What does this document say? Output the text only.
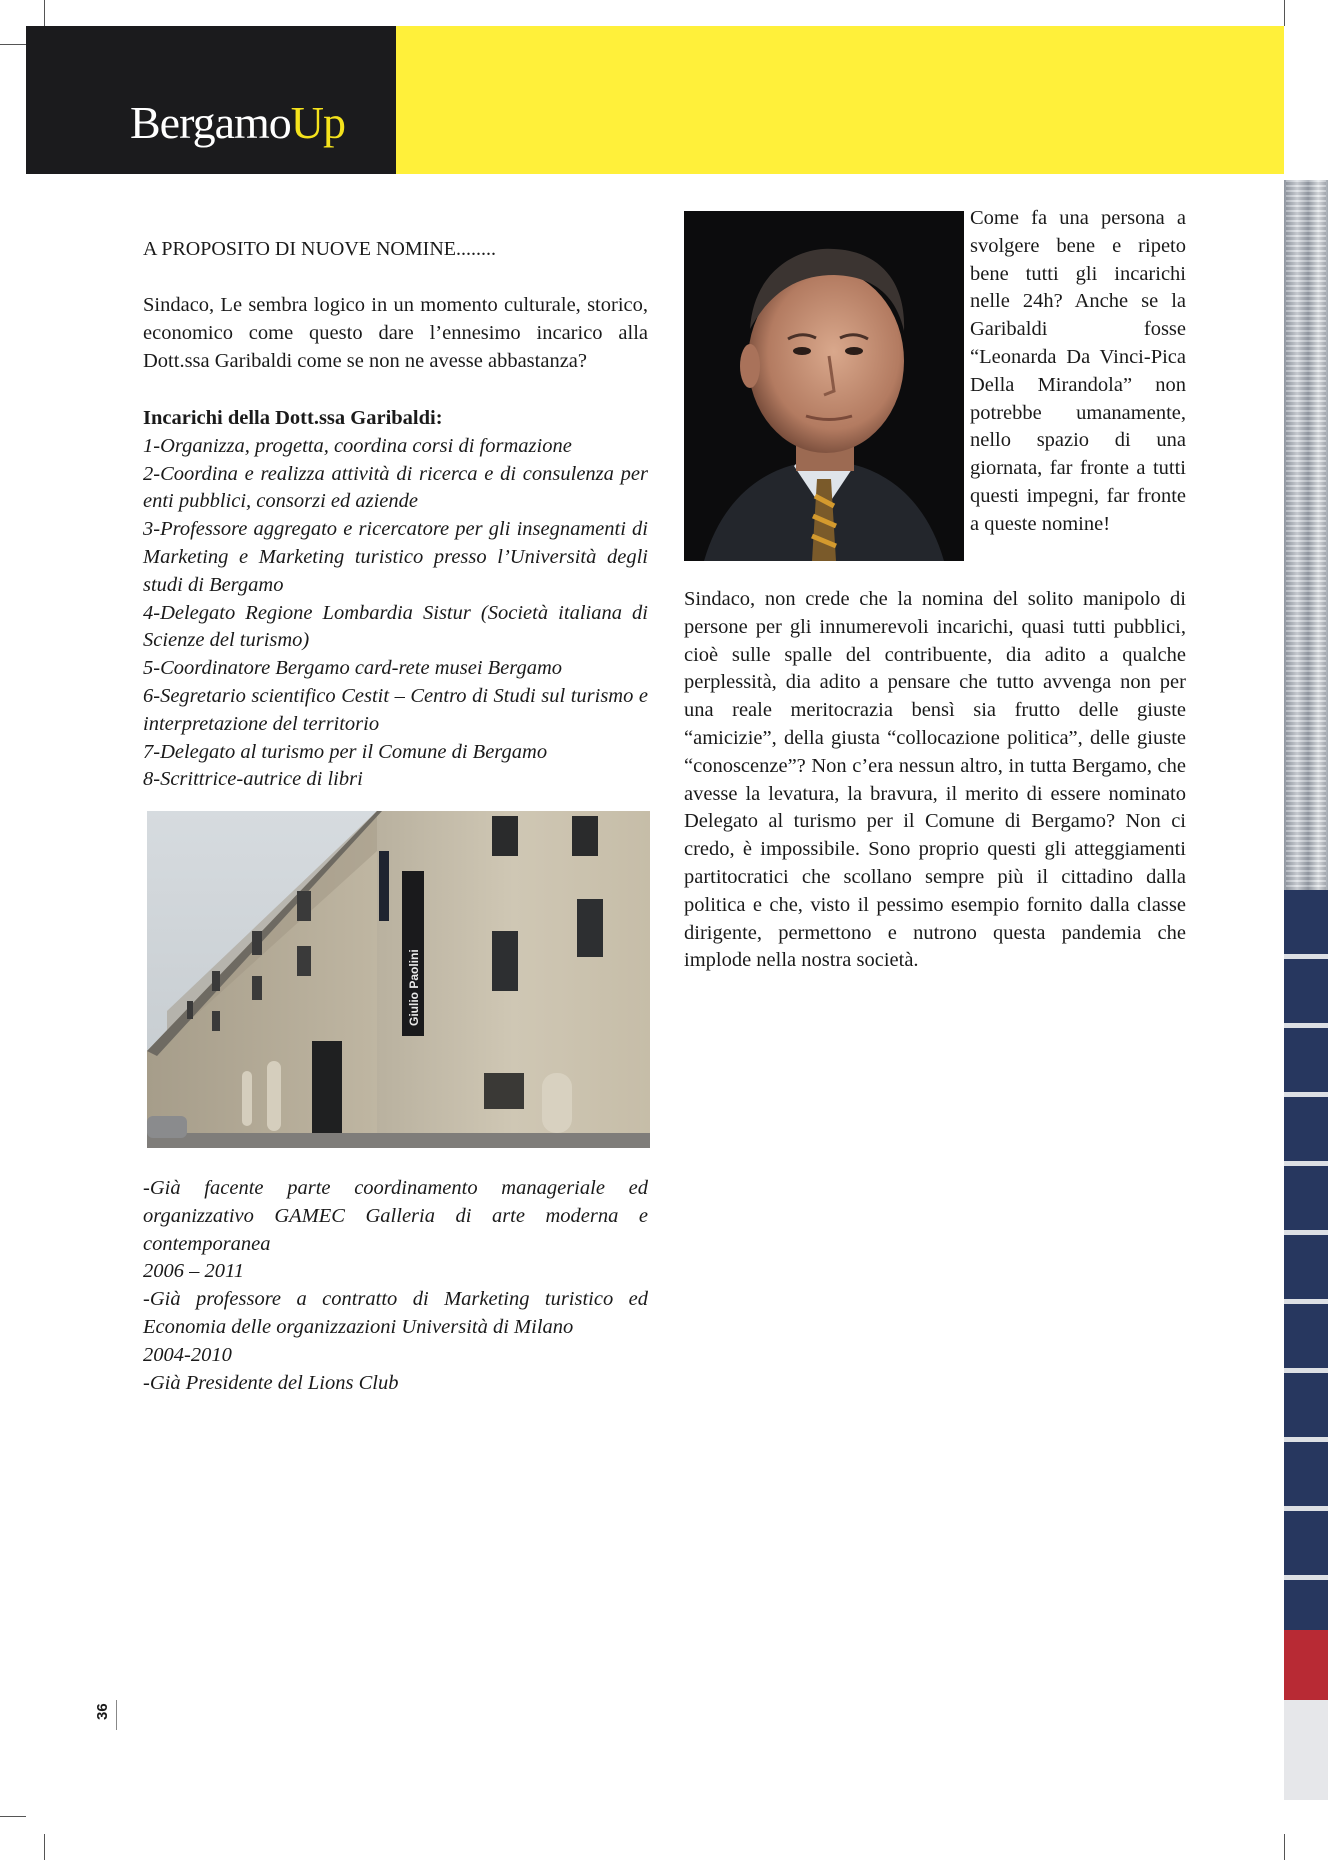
BergamoUp
A PROPOSITO DI NUOVE NOMINE........
Sindaco, Le sembra logico in un momento culturale, storico, economico come questo dare l’ennesimo incarico alla Dott.ssa Garibaldi come se non ne avesse abbastanza?
Incarichi della Dott.ssa Garibaldi:
1-Organizza, progetta, coordina corsi di formazione
2-Coordina e realizza attività di ricerca e di consulenza per enti pubblici, consorzi ed aziende
3-Professore aggregato e ricercatore per gli insegnamenti di Marketing e Marketing turistico presso l’Università degli studi di Bergamo
4-Delegato Regione Lombardia Sistur (Società italiana di Scienze del turismo)
5-Coordinatore Bergamo card-rete musei Bergamo
6-Segretario scientifico Cestit – Centro di Studi sul turismo e interpretazione del territorio
7-Delegato al turismo per il Comune di Bergamo
8-Scrittrice-autrice di libri
Giulio Paolini
-Già facente parte coordinamento manageriale ed organizzativo GAMEC Galleria di arte moderna e contemporanea
2006 – 2011
-Già professore a contratto di Marketing turistico ed Economia delle organizzazioni Università di Milano
2004-2010
-Già Presidente del Lions Club
Come fa una persona a svolgere bene e ripeto bene tutti gli incarichi nelle 24h? Anche se la Garibaldi fosse “Leonarda Da Vinci-Pica Della Mirandola” non potrebbe umanamente, nello spazio di una giornata, far fronte a tutti questi impegni, far fronte a queste nomine!
Sindaco, non crede che la nomina del solito manipolo di persone per gli innumerevoli incarichi, quasi tutti pubblici, cioè sulle spalle del contribuente, dia adito a qualche perplessità, dia adito a pensare che tutto avvenga non per una reale meritocrazia bensì sia frutto delle giuste “amicizie”, della giusta “collocazione politica”, delle giuste “conoscenze”? Non c’era nessun altro, in tutta Bergamo, che avesse la levatura, la bravura, il merito di essere nominato Delegato al turismo per il Comune di Bergamo? Non ci credo, è impossibile. Sono proprio questi gli atteggiamenti partitocratici che scollano sempre più il cittadino dalla politica e che, visto il pessimo esempio fornito dalla classe dirigente, permettono e nutrono questa pandemia che implode nella nostra società.
36
